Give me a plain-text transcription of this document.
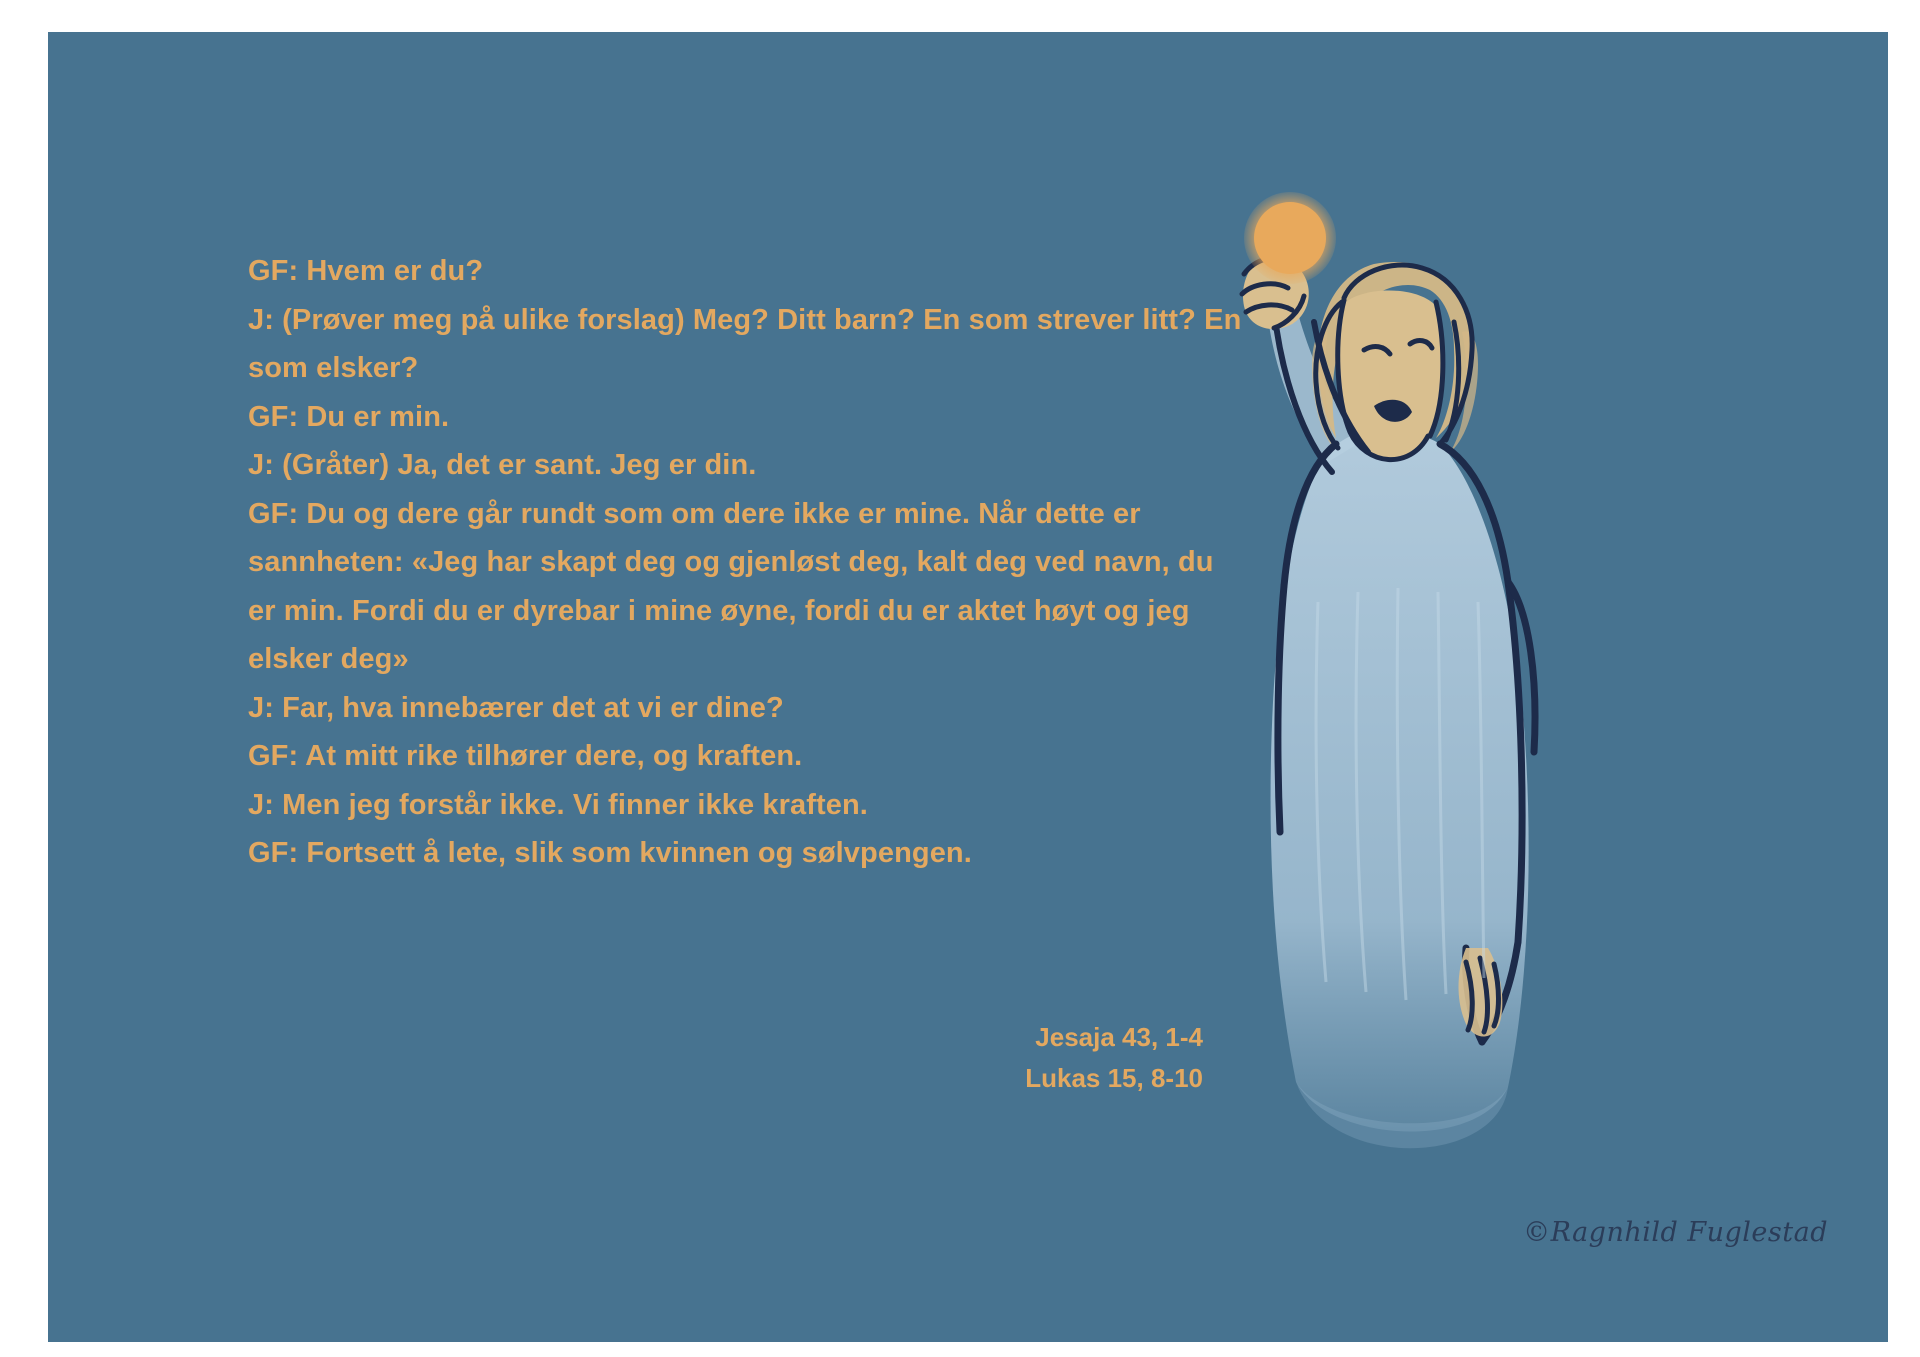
GF: Hvem er du?
J: (Prøver meg på ulike forslag) Meg? Ditt barn? En som strever litt? En som elsker?
GF: Du er min.
J: (Gråter) Ja, det er sant. Jeg er din.
GF: Du og dere går rundt som om dere ikke er mine. Når dette er sannheten: «Jeg har skapt deg og gjenløst deg, kalt deg ved navn, du er min. Fordi du er dyrebar i mine øyne, fordi du er aktet høyt og jeg elsker deg»
J: Far, hva innebærer det at vi er dine?
GF: At mitt rike tilhører dere, og kraften.
J: Men jeg forstår ikke. Vi finner ikke kraften.
GF: Fortsett å lete, slik som kvinnen og sølvpengen.
Jesaja 43, 1-4
Lukas 15, 8-10
©Ragnhild Fuglestad
